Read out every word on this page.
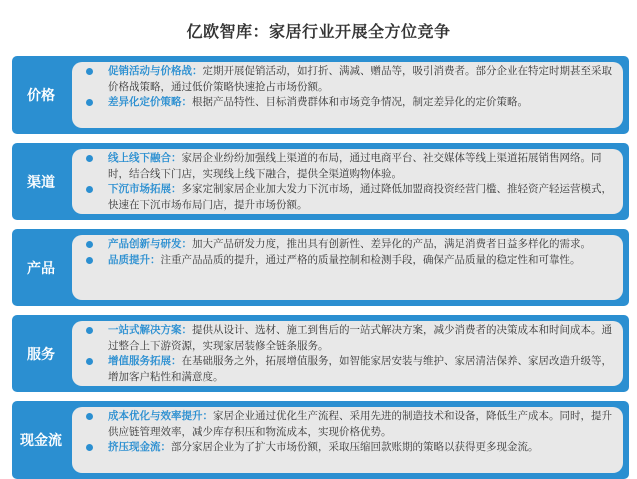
亿欧智库：家居行业开展全方位竞争
价格
促销活动与价格战：定期开展促销活动，如打折、满减、赠品等，吸引消费者。部分企业在特定时期甚至采取价格战策略，通过低价策略快速抢占市场份额。
差异化定价策略：根据产品特性、目标消费群体和市场竞争情况，制定差异化的定价策略。
渠道
线上线下融合：家居企业纷纷加强线上渠道的布局，通过电商平台、社交媒体等线上渠道拓展销售网络。同时，结合线下门店，实现线上线下融合，提供全渠道购物体验。
下沉市场拓展：多家定制家居企业加大发力下沉市场，通过降低加盟商投资经营门槛、推轻资产轻运营模式，快速在下沉市场布局门店，提升市场份额。
产品
产品创新与研发：加大产品研发力度，推出具有创新性、差异化的产品，满足消费者日益多样化的需求。
品质提升：注重产品品质的提升，通过严格的质量控制和检测手段，确保产品质量的稳定性和可靠性。
服务
一站式解决方案：提供从设计、选材、施工到售后的一站式解决方案，减少消费者的决策成本和时间成本。通过整合上下游资源，实现家居装修全链条服务。
增值服务拓展：在基础服务之外，拓展增值服务，如智能家居安装与维护、家居清洁保养、家居改造升级等，增加客户粘性和满意度。
现金流
成本优化与效率提升：家居企业通过优化生产流程、采用先进的制造技术和设备，降低生产成本。同时，提升供应链管理效率，减少库存积压和物流成本，实现价格优势。
挤压现金流：部分家居企业为了扩大市场份额，采取压缩回款账期的策略以获得更多现金流。
